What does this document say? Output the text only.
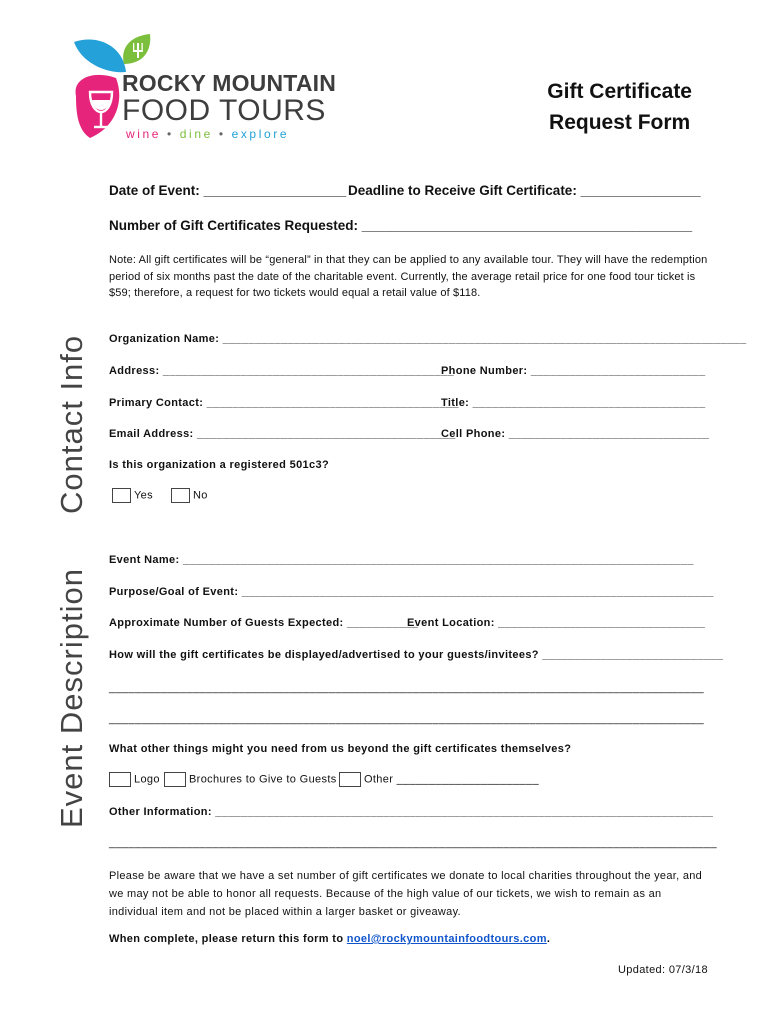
ROCKY MOUNTAIN
FOOD TOURS
wine • dine • explore
Gift Certificate
Request Form
Date of Event: ___________________ Deadline to Receive Gift Certificate: ________________
Number of Gift Certificates Requested: ____________________________________________
Note: All gift certificates will be “general” in that they can be applied to any available tour. They will have the redemption period of six months past the date of the charitable event. Currently, the average retail price for one food tour ticket is $59; therefore, a request for two tickets would equal a retail value of $118.
Contact Info
Event Description
Organization Name: _________________________________________________________________________________
Address: _____________________________________________
Phone Number: ___________________________
Primary Contact: _______________________________________
Title: ____________________________________
Email Address: ________________________________________
Cell Phone: _______________________________
Is this organization a registered 501c3?
Yes	No
Event Name: _______________________________________________________________________________
Purpose/Goal of Event: _________________________________________________________________________
Approximate Number of Guests Expected: ___________
Event Location: ________________________________
How will the gift certificates be displayed/advertised to your guests/invitees? ____________________________
____________________________________________________________________________________________
____________________________________________________________________________________________
What other things might you need from us beyond the gift certificates themselves?
Logo	Brochures to Give to Guests	Other ______________________
Other Information: _____________________________________________________________________________
______________________________________________________________________________________________
Please be aware that we have a set number of gift certificates we donate to local charities throughout the year, and we may not be able to honor all requests. Because of the high value of our tickets, we wish to remain as an individual item and not be placed within a larger basket or giveaway.
When complete, please return this form to noel@rockymountainfoodtours.com.
Updated: 07/3/18
